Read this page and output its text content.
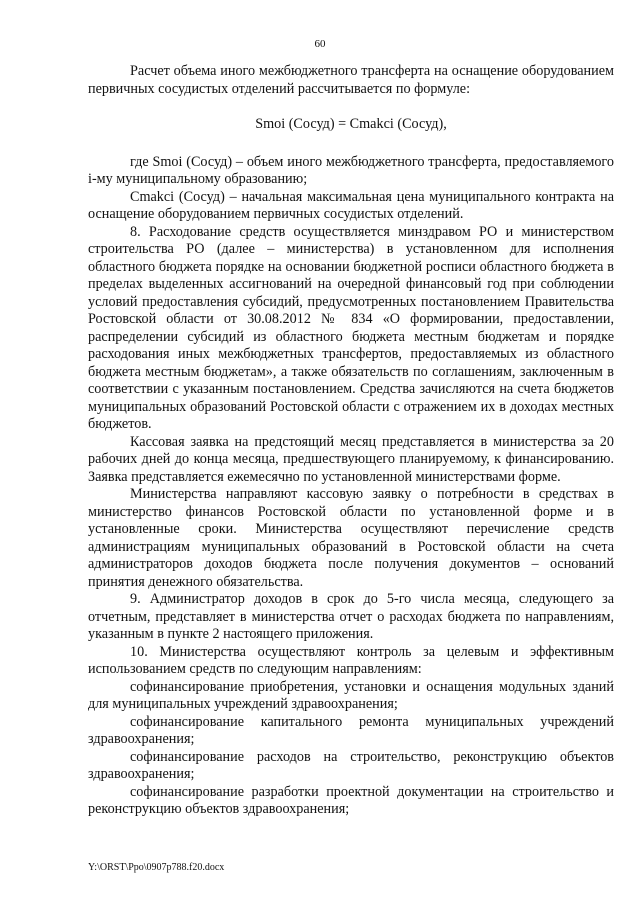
60

Расчет объема иного межбюджетного трансферта на оснащение оборудованием первичных сосудистых отделений рассчитывается по формуле:

Smoi (Сосуд) = Cmakci (Сосуд),

где Smoi (Сосуд) – объем иного межбюджетного трансферта, предоставляемого i-му муниципальному образованию;

Cmakci (Сосуд) – начальная максимальная цена муниципального контракта на оснащение оборудованием первичных сосудистых отделений.

8. Расходование средств осуществляется минздравом РО и министерством строительства РО (далее – министерства) в установленном для исполнения областного бюджета порядке на основании бюджетной росписи областного бюджета в пределах выделенных ассигнований на очередной финансовый год при соблюдении условий предоставления субсидий, предусмотренных постановлением Правительства Ростовской области от 30.08.2012 № 834 «О формировании, предоставлении, распределении субсидий из областного бюджета местным бюджетам и порядке расходования иных межбюджетных трансфертов, предоставляемых из областного бюджета местным бюджетам», а также обязательств по соглашениям, заключенным в соответствии с указанным постановлением. Средства зачисляются на счета бюджетов муниципальных образований Ростовской области с отражением их в доходах местных бюджетов.

Кассовая заявка на предстоящий месяц представляется в министерства за 20 рабочих дней до конца месяца, предшествующего планируемому, к финансированию. Заявка представляется ежемесячно по установленной министерствами форме.

Министерства направляют кассовую заявку о потребности в средствах в министерство финансов Ростовской области по установленной форме и в установленные сроки. Министерства осуществляют перечисление средств администрациям муниципальных образований в Ростовской области на счета администраторов доходов бюджета после получения документов – оснований принятия денежного обязательства.

9. Администратор доходов в срок до 5-го числа месяца, следующего за отчетным, представляет в министерства отчет о расходах бюджета по направлениям, указанным в пункте 2 настоящего приложения.

10. Министерства осуществляют контроль за целевым и эффективным использованием средств по следующим направлениям:

софинансирование приобретения, установки и оснащения модульных зданий для муниципальных учреждений здравоохранения;

софинансирование капитального ремонта муниципальных учреждений здравоохранения;

софинансирование расходов на строительство, реконструкцию объектов здравоохранения;

софинансирование разработки проектной документации на строительство и реконструкцию объектов здравоохранения;

Y:\ORST\Ppo\0907p788.f20.docx
